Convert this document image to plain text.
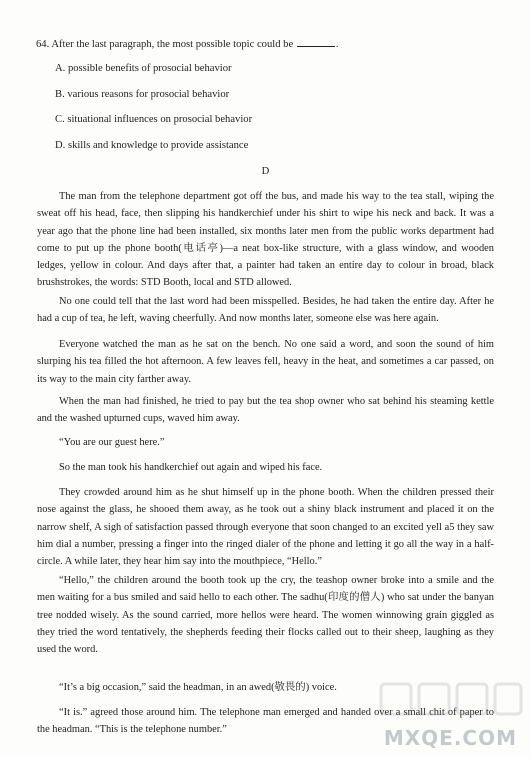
64. After the last paragraph, the most possible topic could be	.
A. possible benefits of prosocial behavior
B. various reasons for prosocial behavior
C. situational influences on prosocial behavior
D. skills and knowledge to provide assistance
D

The man from the telephone department got off the bus, and made his way to the tea stall, wiping the sweat off his head, face, then slipping his handkerchief under his shirt to wipe his neck and back. It was a year ago that the phone line had been installed, six months later men from the public works department had come to put up the phone booth(电话亭)—a neat box-like structure, with a glass window, and wooden ledges, yellow in colour. And days after that, a painter had taken an entire day to colour in broad, black brushstrokes, the words: STD Booth, local and STD allowed.

No one could tell that the last word had been misspelled. Besides, he had taken the entire day. After he had a cup of tea, he left, waving cheerfully. And now months later, someone else was here again.

Everyone watched the man as he sat on the bench. No one said a word, and soon the sound of him slurping his tea filled the hot afternoon. A few leaves fell, heavy in the heat, and sometimes a car passed, on its way to the main city farther away.

When the man had finished, he tried to pay but the tea shop owner who sat behind his steaming kettle and the washed upturned cups, waved him away.

“You are our guest here.”

So the man took his handkerchief out again and wiped his face.

They crowded around him as he shut himself up in the phone booth. When the children pressed their nose against the glass, he shooed them away, as he took out a shiny black instrument and placed it on the narrow shelf, A sigh of satisfaction passed through everyone that soon changed to an excited yell a5 they saw him dial a number, pressing a finger into the ringed dialer of the phone and letting it go all the way in a half-circle. A while later, they hear him say into the mouthpiece, “Hello.”

“Hello,” the children around the booth took up the cry, the teashop owner broke into a smile and the men waiting for a bus smiled and said hello to each other. The sadhu(印度的僧人) who sat under the banyan tree nodded wisely. As the sound carried, more hellos were heard. The women winnowing grain giggled as they tried the word tentatively, the shepherds feeding their flocks called out to their sheep, laughing as they used the word.

“It’s a big occasion,” said the headman, in an awed(敬畏的) voice.

“It is.” agreed those around him. The telephone man emerged and handed over a small chit of paper to the headman. “This is the telephone number.”	MXQE.COM
